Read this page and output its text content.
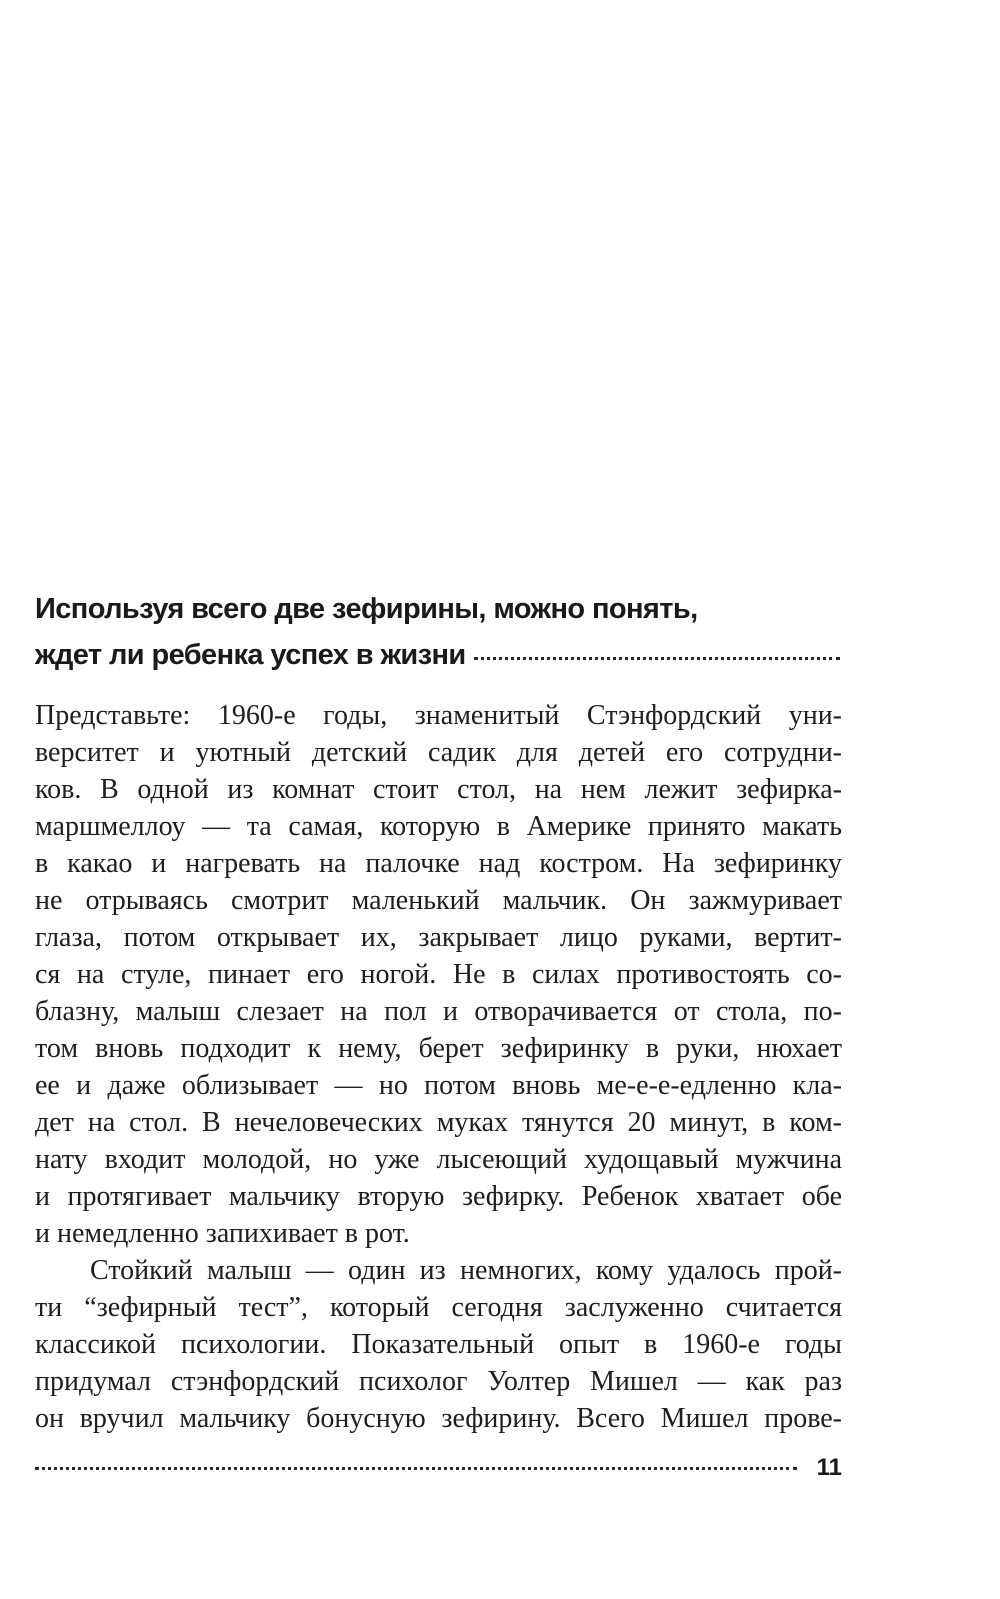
Используя всего две зефирины, можно понять,
ждет ли ребенка успех в жизни
Представьте: 1960-е годы, знаменитый Стэнфордский уни-
верситет и уютный детский садик для детей его сотрудни-
ков. В одной из комнат стоит стол, на нем лежит зефирка-
маршмеллоу — та самая, которую в Америке принято макать
в какао и нагревать на палочке над костром. На зефиринку
не отрываясь смотрит маленький мальчик. Он зажмуривает
глаза, потом открывает их, закрывает лицо руками, вертит-
ся на стуле, пинает его ногой. Не в силах противостоять со-
блазну, малыш слезает на пол и отворачивается от стола, по-
том вновь подходит к нему, берет зефиринку в руки, нюхает
ее и даже облизывает — но потом вновь ме-е-е-едленно кла-
дет на стол. В нечеловеческих муках тянутся 20 минут, в ком-
нату входит молодой, но уже лысеющий худощавый мужчина
и протягивает мальчику вторую зефирку. Ребенок хватает обе
и немедленно запихивает в рот.
Стойкий малыш — один из немногих, кому удалось прой-
ти “зефирный тест”, который сегодня заслуженно считается
классикой психологии. Показательный опыт в 1960-е годы
придумал стэнфордский психолог Уолтер Мишел — как раз
он вручил мальчику бонусную зефирину. Всего Мишел прове-
11
